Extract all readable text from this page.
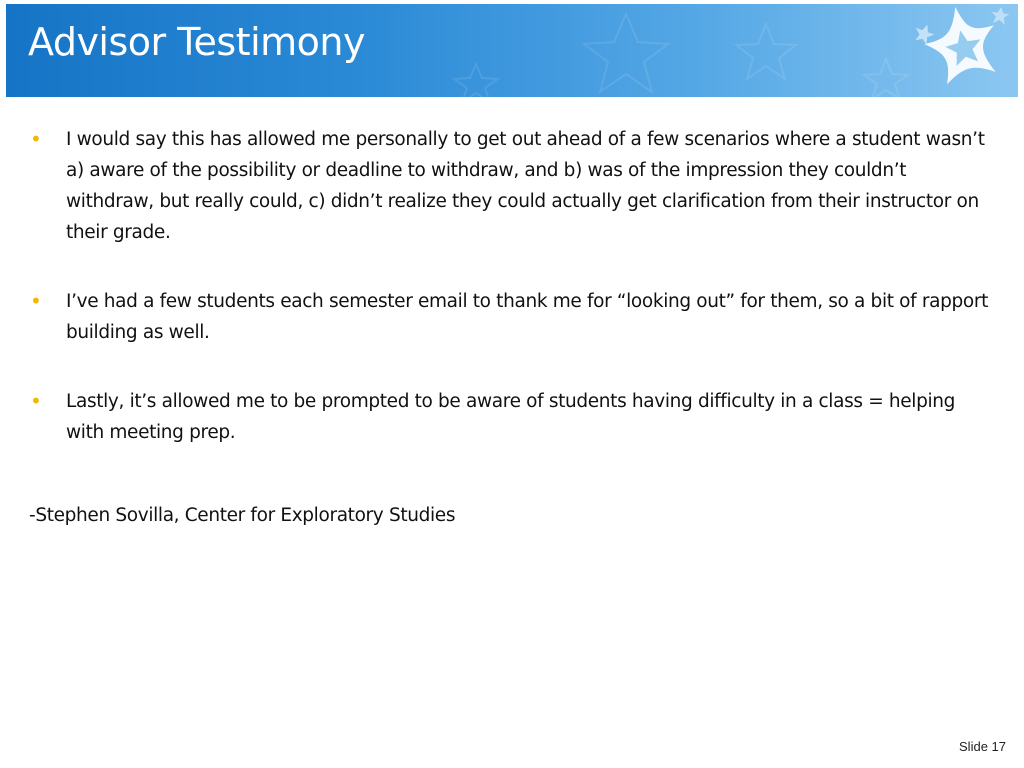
Advisor Testimony
• I would say this has allowed me personally to get out ahead of a few scenarios where a student wasn’t a) aware of the possibility or deadline to withdraw, and b) was of the impression they couldn’t withdraw, but really could, c) didn’t realize they could actually get clarification from their instructor on their grade.
• I’ve had a few students each semester email to thank me for “looking out” for them, so a bit of rapport building as well.
• Lastly, it’s allowed me to be prompted to be aware of students having difficulty in a class = helping with meeting prep.
-Stephen Sovilla, Center for Exploratory Studies
Slide 17
